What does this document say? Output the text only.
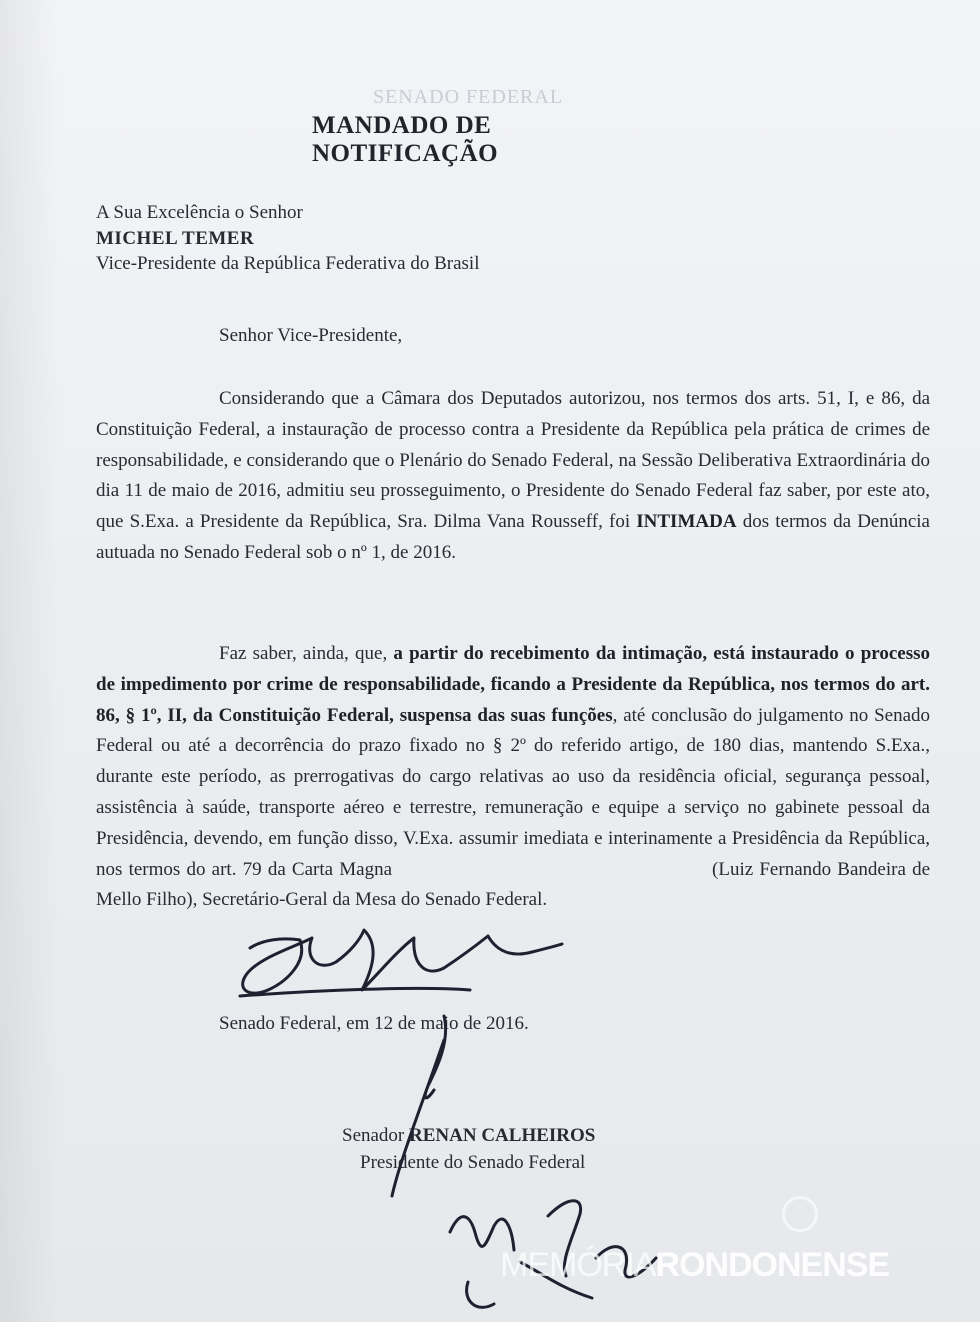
SENADO FEDERAL
MANDADO DE NOTIFICAÇÃO
A Sua Excelência o Senhor
MICHEL TEMER
Vice-Presidente da República Federativa do Brasil
Senhor Vice-Presidente,
Considerando que a Câmara dos Deputados autorizou, nos termos dos arts. 51, I, e 86, da Constituição Federal, a instauração de processo contra a Presidente da República pela prática de crimes de responsabilidade, e considerando que o Plenário do Senado Federal, na Sessão Deliberativa Extraordinária do dia 11 de maio de 2016, admitiu seu prosseguimento, o Presidente do Senado Federal faz saber, por este ato, que S.Exa. a Presidente da República, Sra. Dilma Vana Rousseff, foi INTIMADA dos termos da Denúncia autuada no Senado Federal sob o nº 1, de 2016.
Faz saber, ainda, que, a partir do recebimento da intimação, está instaurado o processo de impedimento por crime de responsabilidade, ficando a Presidente da República, nos termos do art. 86, § 1º, II, da Constituição Federal, suspensa das suas funções, até conclusão do julgamento no Senado Federal ou até a decorrência do prazo fixado no § 2º do referido artigo, de 180 dias, mantendo S.Exa., durante este período, as prerrogativas do cargo relativas ao uso da residência oficial, segurança pessoal, assistência à saúde, transporte aéreo e terrestre, remuneração e equipe a serviço no gabinete pessoal da Presidência, devendo, em função disso, V.Exa. assumir imediata e interinamente a Presidência da República, nos termos do art. 79 da Carta Magna	(Luiz Fernando Bandeira de Mello Filho), Secretário-Geral da Mesa do Senado Federal.
Senado Federal, em 12 de maio de 2016.
Senador RENAN CALHEIROS
Presidente do Senado Federal
MEMÓRIARONDONENSE
